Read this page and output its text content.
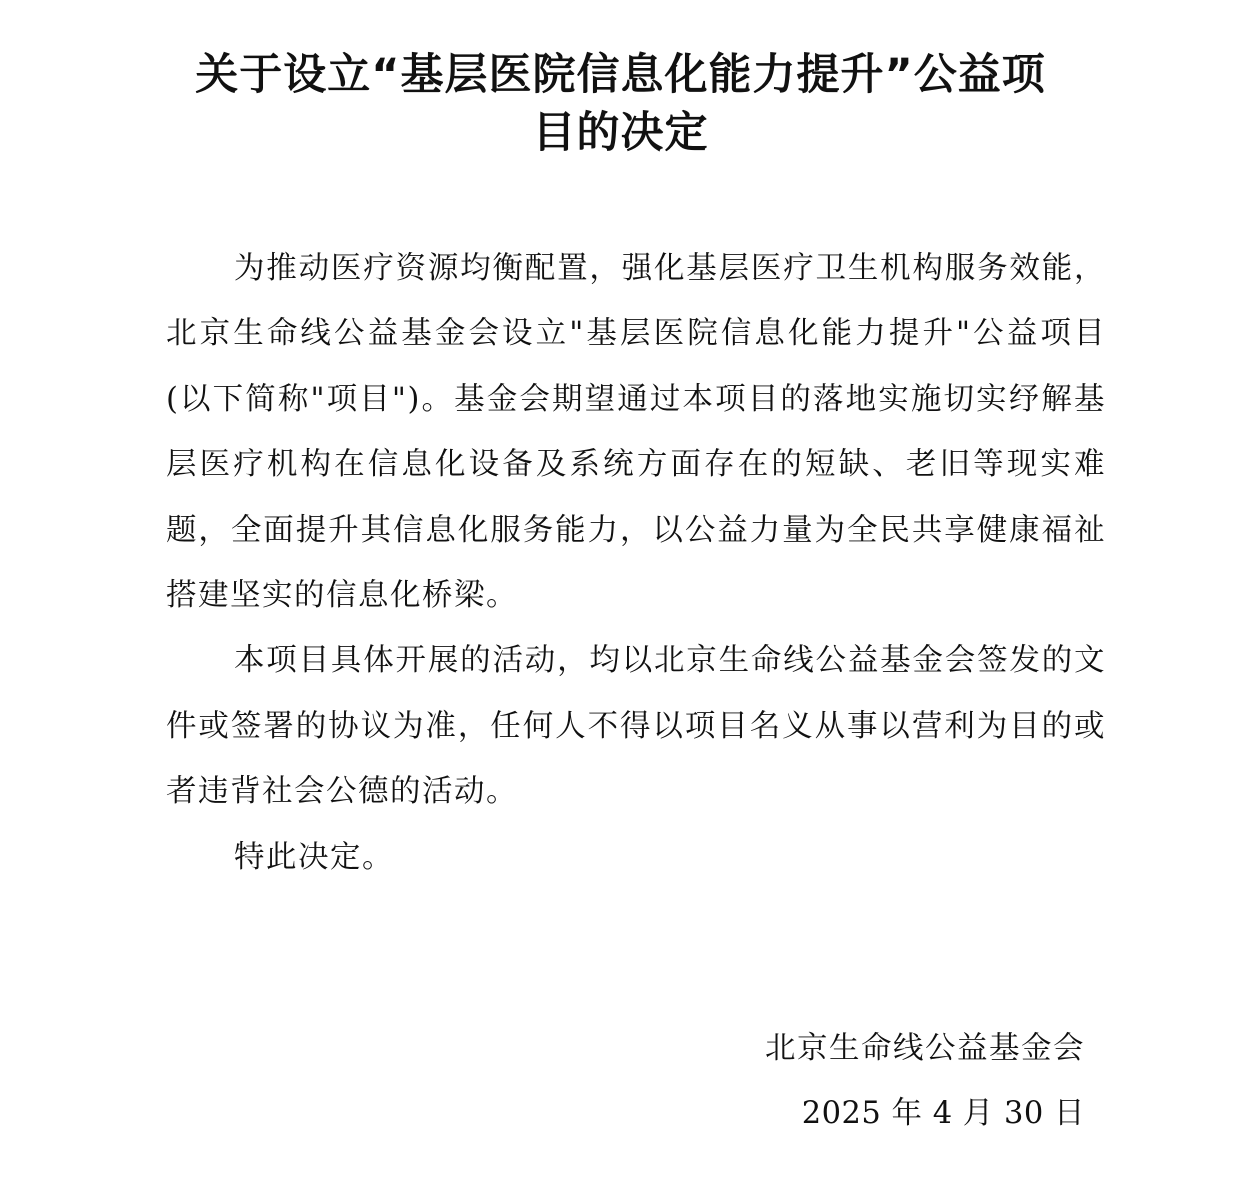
关于设立“基层医院信息化能力提升”公益项
目的决定

为推动医疗资源均衡配置，强化基层医疗卫生机构服务效能，北京生命线公益基金会设立"基层医院信息化能力提升"公益项目(以下简称"项目")。基金会期望通过本项目的落地实施切实纾解基层医疗机构在信息化设备及系统方面存在的短缺、老旧等现实难题，全面提升其信息化服务能力，以公益力量为全民共享健康福祉搭建坚实的信息化桥梁。

本项目具体开展的活动，均以北京生命线公益基金会签发的文件或签署的协议为准，任何人不得以项目名义从事以营利为目的或者违背社会公德的活动。

特此决定。

北京生命线公益基金会
2025 年 4 月 30 日
